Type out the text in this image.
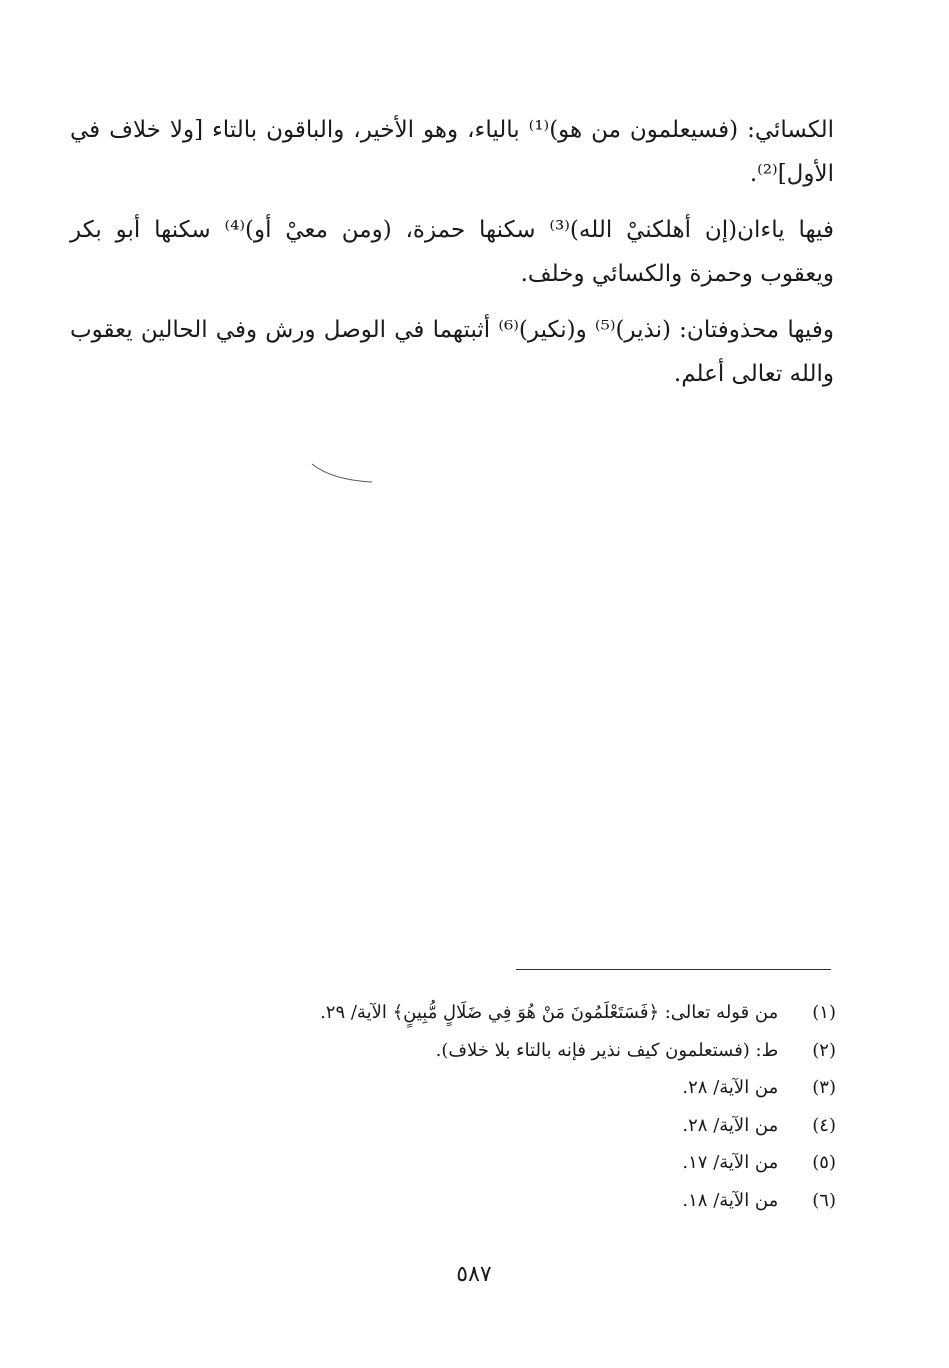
الكسائي: (فسيعلمون من هو)⁽¹⁾ بالياء، وهو الأخير، والباقون بالتاء [ولا خلاف في الأول]⁽²⁾.

فيها ياءان(إن أهلكنيْ الله)⁽³⁾ سكنها حمزة، (ومن معيْ أو)⁽⁴⁾ سكنها أبو بكر ويعقوب وحمزة والكسائي وخلف.

وفيها محذوفتان: (نذير)⁽⁵⁾ و(نكير)⁽⁶⁾ أثبتهما في الوصل ورش وفي الحالين يعقوب والله تعالى أعلم.

(١) من قوله تعالى: ﴿فَسَتَعْلَمُونَ مَنْ هُوَ فِي ضَلَالٍ مُّبِينٍ﴾ الآية/ ٢٩.
(٢) ط: (فستعلمون كيف نذير فإنه بالتاء بلا خلاف).
(٣) من الآية/ ٢٨.
(٤) من الآية/ ٢٨.
(٥) من الآية/ ١٧.
(٦) من الآية/ ١٨.
٥٨٧
